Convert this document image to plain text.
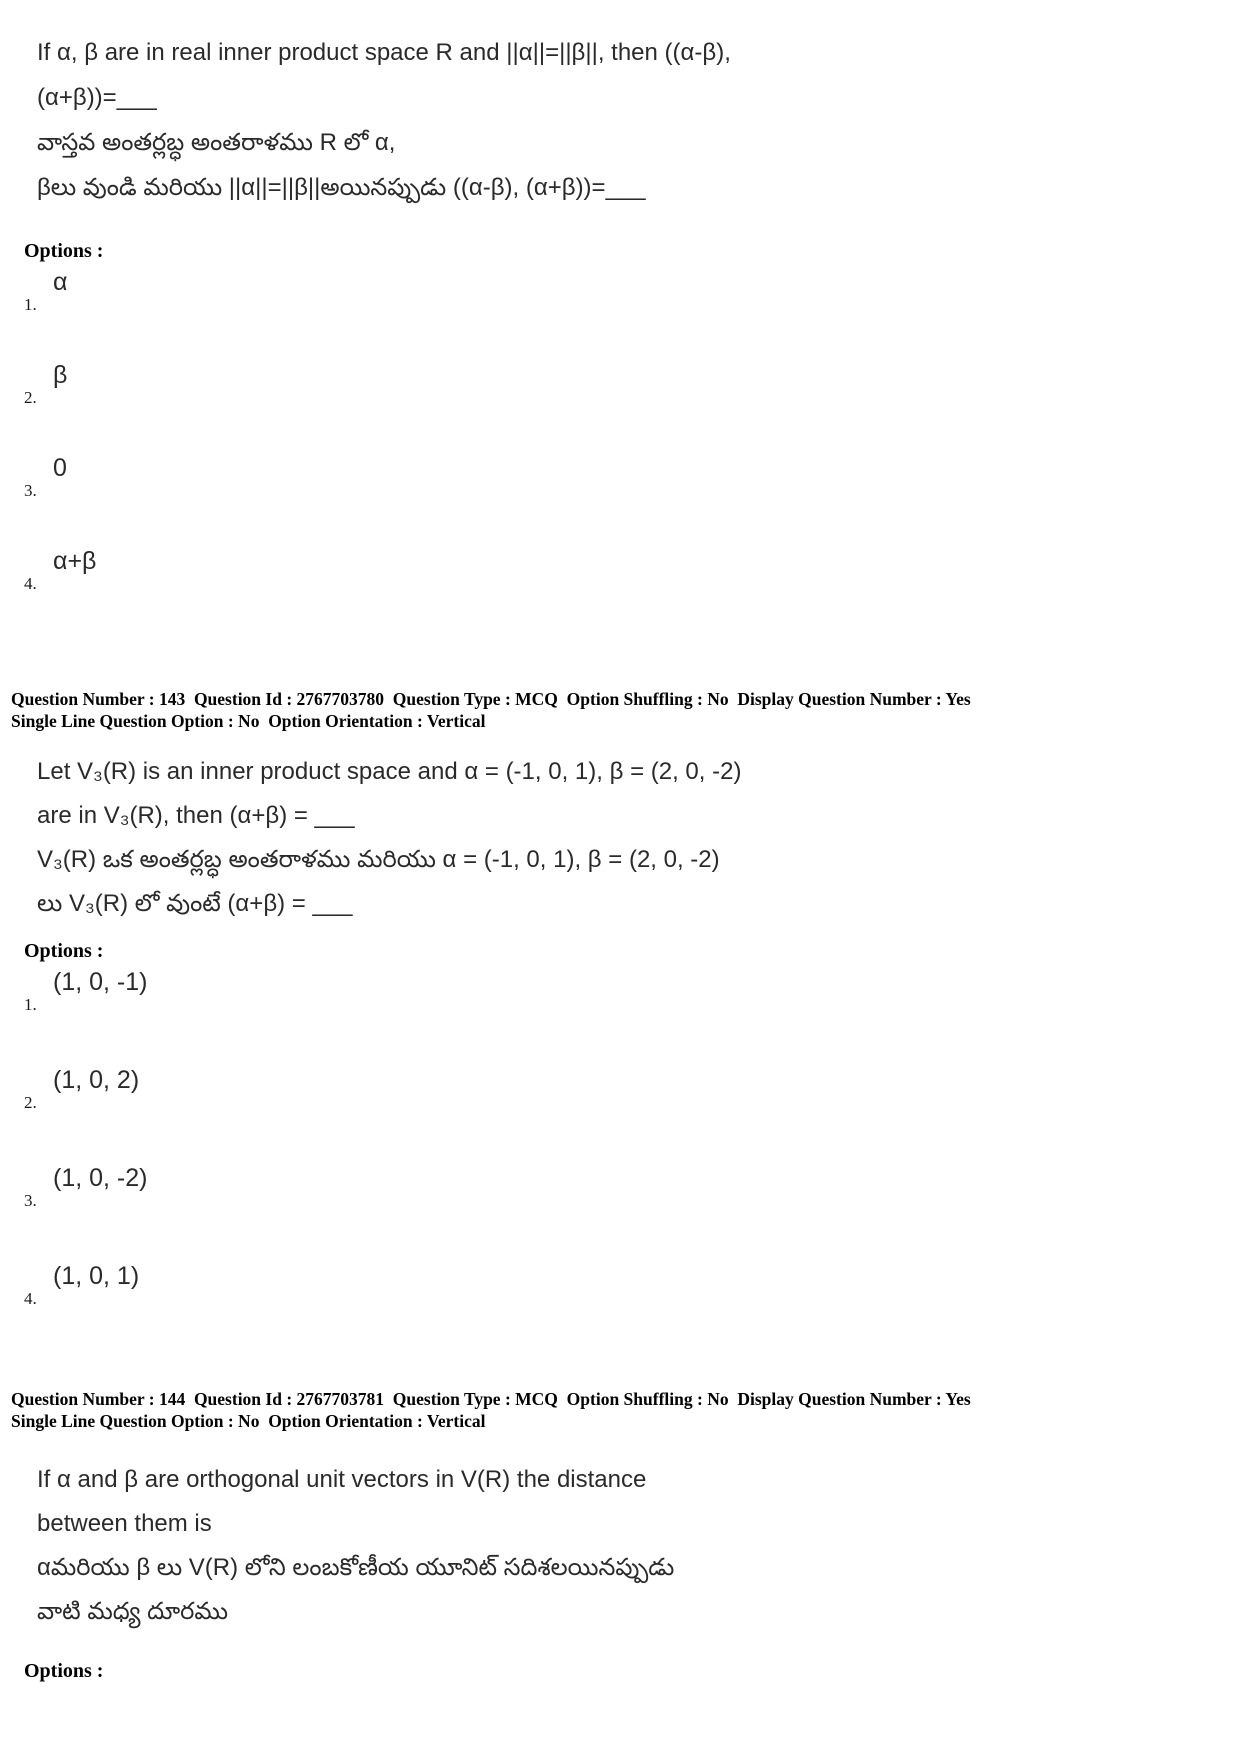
If α, β are in real inner product space R and ||α||=||β||, then ((α-β),
(α+β))=___
వాస్తవ అంతర్లబ్ధ అంతరాళము R లో α,
βలు వుండి మరియు ||α||=||β||అయినప్పుడు ((α-β), (α+β))=___
Options :
1.
α
2.
β
3.
0
4.
α+β
Question Number : 143  Question Id : 2767703780  Question Type : MCQ  Option Shuffling : No  Display Question Number : Yes
Single Line Question Option : No  Option Orientation : Vertical
Let V₃(R) is an inner product space and α = (-1, 0, 1), β = (2, 0, -2)
are in V₃(R), then (α+β) = ___
V₃(R) ఒక అంతర్లబ్ధ అంతరాళము మరియు α = (-1, 0, 1), β = (2, 0, -2)
లు V₃(R) లో వుంటే (α+β) = ___
Options :
1.
(1, 0, -1)
2.
(1, 0, 2)
3.
(1, 0, -2)
4.
(1, 0, 1)
Question Number : 144  Question Id : 2767703781  Question Type : MCQ  Option Shuffling : No  Display Question Number : Yes
Single Line Question Option : No  Option Orientation : Vertical
If α and β are orthogonal unit vectors in V(R) the distance
between them is
αమరియు β లు V(R) లోని లంబకోణీయ యూనిట్ సదిశలయినప్పుడు
వాటి మధ్య దూరము
Options :
